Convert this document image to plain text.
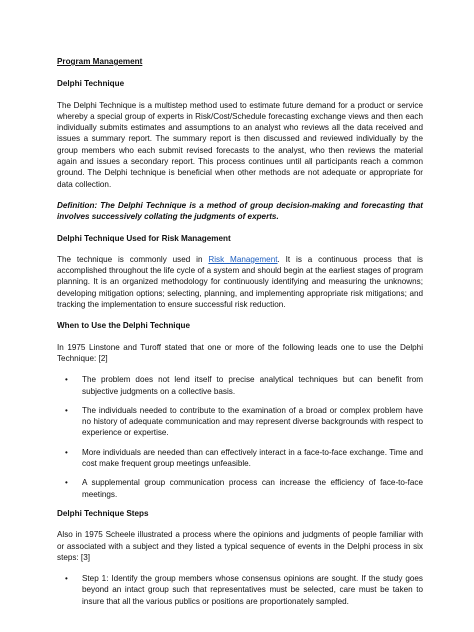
Program Management

Delphi Technique

The Delphi Technique is a multistep method used to estimate future demand for a product or service whereby a special group of experts in Risk/Cost/Schedule forecasting exchange views and then each individually submits estimates and assumptions to an analyst who reviews all the data received and issues a summary report. The summary report is then discussed and reviewed individually by the group members who each submit revised forecasts to the analyst, who then reviews the material again and issues a secondary report. This process continues until all participants reach a common ground. The Delphi technique is beneficial when other methods are not adequate or appropriate for data collection.

Definition: The Delphi Technique is a method of group decision-making and forecasting that involves successively collating the judgments of experts.

Delphi Technique Used for Risk Management

The technique is commonly used in Risk Management. It is a continuous process that is accomplished throughout the life cycle of a system and should begin at the earliest stages of program planning. It is an organized methodology for continuously identifying and measuring the unknowns; developing mitigation options; selecting, planning, and implementing appropriate risk mitigations; and tracking the implementation to ensure successful risk reduction.

When to Use the Delphi Technique

In 1975 Linstone and Turoff stated that one or more of the following leads one to use the Delphi Technique: [2]

• The problem does not lend itself to precise analytical techniques but can benefit from subjective judgments on a collective basis.
• The individuals needed to contribute to the examination of a broad or complex problem have no history of adequate communication and may represent diverse backgrounds with respect to experience or expertise.
• More individuals are needed than can effectively interact in a face-to-face exchange. Time and cost make frequent group meetings unfeasible.
• A supplemental group communication process can increase the efficiency of face-to-face meetings.

Delphi Technique Steps

Also in 1975 Scheele illustrated a process where the opinions and judgments of people familiar with or associated with a subject and they listed a typical sequence of events in the Delphi process in six steps: [3]

• Step 1: Identify the group members whose consensus opinions are sought. If the study goes beyond an intact group such that representatives must be selected, care must be taken to insure that all the various publics or positions are proportionately sampled.
